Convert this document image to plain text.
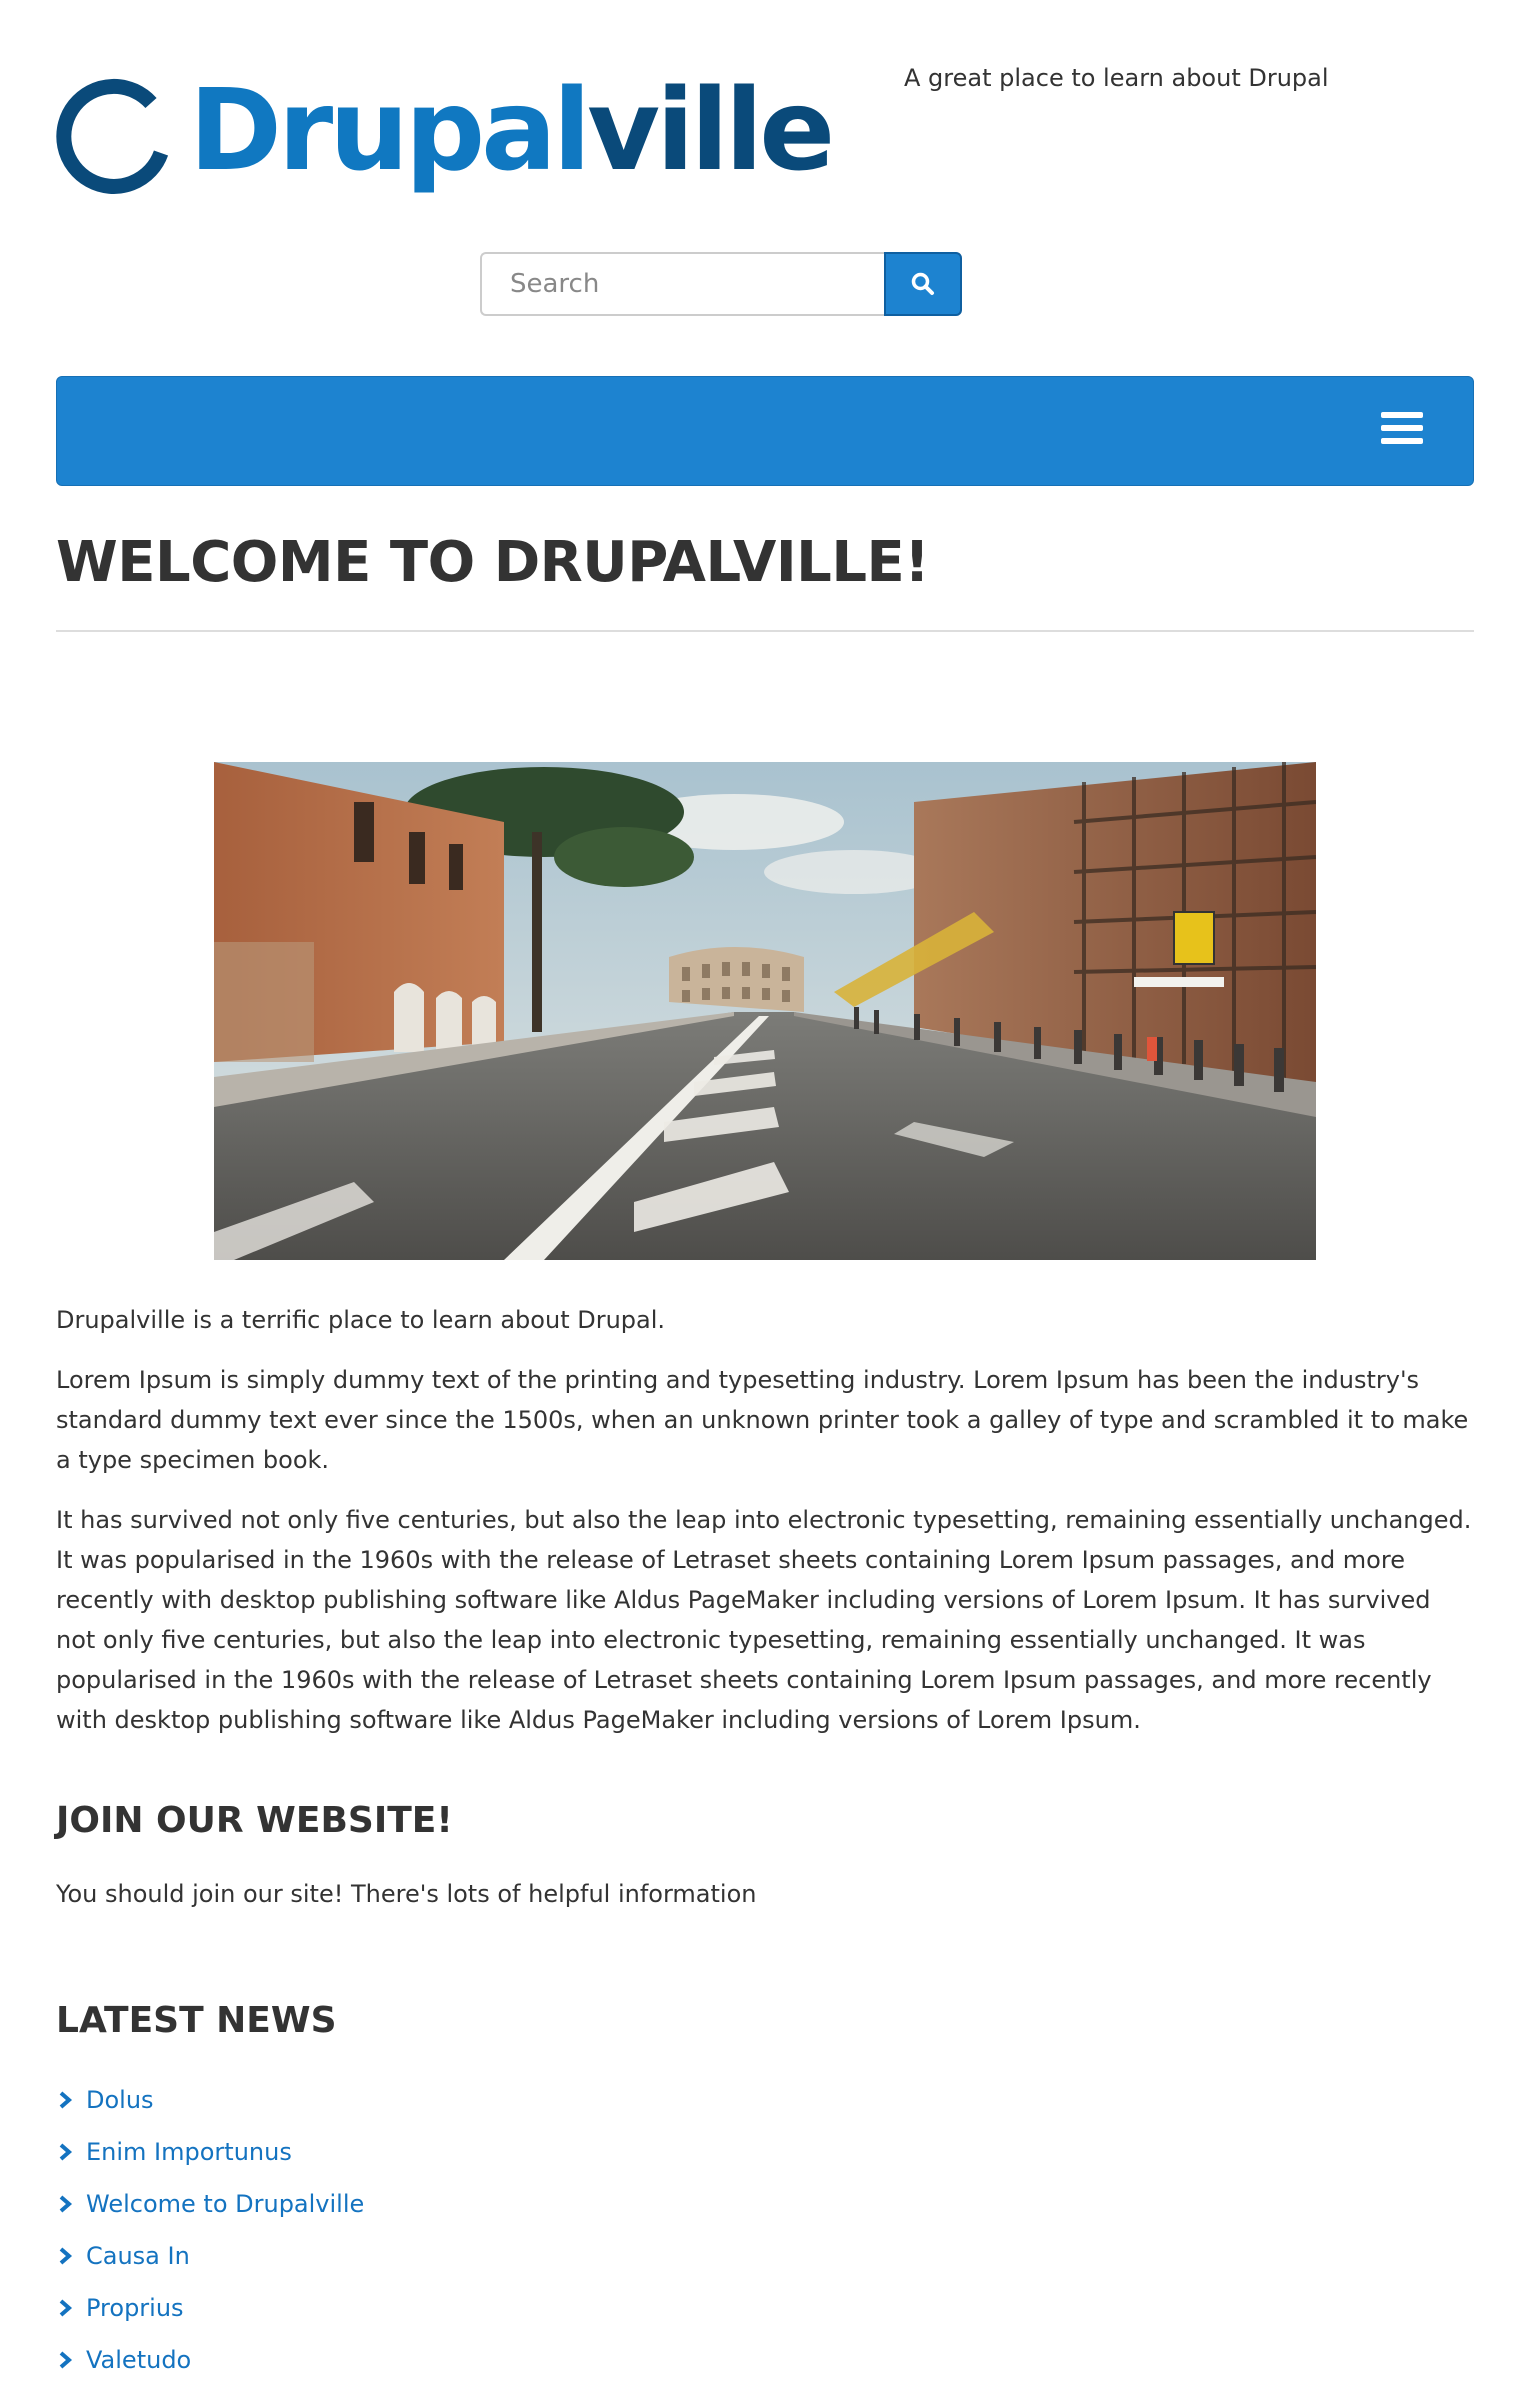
Drupalville	A great place to learn about Drupal
Search
WELCOME TO DRUPALVILLE!

Drupalville is a terrific place to learn about Drupal.

Lorem Ipsum is simply dummy text of the printing and typesetting industry. Lorem Ipsum has been the industry's standard dummy text ever since the 1500s, when an unknown printer took a galley of type and scrambled it to make a type specimen book.

It has survived not only five centuries, but also the leap into electronic typesetting, remaining essentially unchanged. It was popularised in the 1960s with the release of Letraset sheets containing Lorem Ipsum passages, and more recently with desktop publishing software like Aldus PageMaker including versions of Lorem Ipsum. It has survived not only five centuries, but also the leap into electronic typesetting, remaining essentially unchanged. It was popularised in the 1960s with the release of Letraset sheets containing Lorem Ipsum passages, and more recently with desktop publishing software like Aldus PageMaker including versions of Lorem Ipsum.

JOIN OUR WEBSITE!
You should join our site! There's lots of helpful information
LATEST NEWS
Dolus
Enim Importunus
Welcome to Drupalville
Causa In
Proprius
Valetudo
